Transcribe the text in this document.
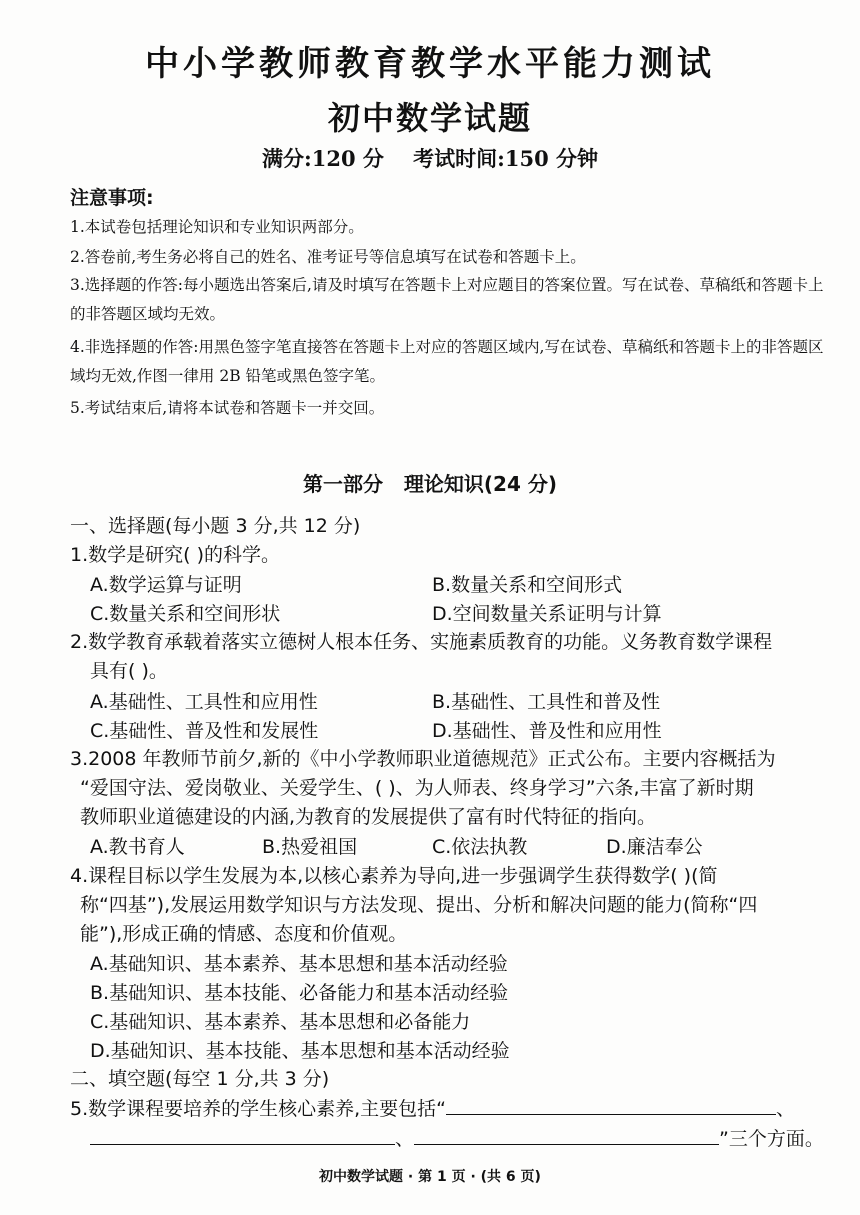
中小学教师教育教学水平能力测试
初中数学试题
满分:120 分    考试时间:150 分钟
注意事项:
1.本试卷包括理论知识和专业知识两部分。
2.答卷前,考生务必将自己的姓名、准考证号等信息填写在试卷和答题卡上。
3.选择题的作答:每小题选出答案后,请及时填写在答题卡上对应题目的答案位置。写在试卷、草稿纸和答题卡上的非答题区域均无效。
4.非选择题的作答:用黑色签字笔直接答在答题卡上对应的答题区域内,写在试卷、草稿纸和答题卡上的非答题区域均无效,作图一律用 2B 铅笔或黑色签字笔。
5.考试结束后,请将本试卷和答题卡一并交回。
第一部分   理论知识(24 分)
一、选择题(每小题 3 分,共 12 分)
1.数学是研究( )的科学。
A.数学运算与证明	B.数量关系和空间形式
C.数量关系和空间形状	D.空间数量关系证明与计算
2.数学教育承载着落实立德树人根本任务、实施素质教育的功能。义务教育数学课程
具有( )。
A.基础性、工具性和应用性	B.基础性、工具性和普及性
C.基础性、普及性和发展性	D.基础性、普及性和应用性
3.2008 年教师节前夕,新的《中小学教师职业道德规范》正式公布。主要内容概括为
“爱国守法、爱岗敬业、关爱学生、( )、为人师表、终身学习”六条,丰富了新时期
教师职业道德建设的内涵,为教育的发展提供了富有时代特征的指向。
A.教书育人	B.热爱祖国	C.依法执教	D.廉洁奉公
4.课程目标以学生发展为本,以核心素养为导向,进一步强调学生获得数学( )(简
称“四基”),发展运用数学知识与方法发现、提出、分析和解决问题的能力(简称“四
能”),形成正确的情感、态度和价值观。
A.基础知识、基本素养、基本思想和基本活动经验
B.基础知识、基本技能、必备能力和基本活动经验
C.基础知识、基本素养、基本思想和必备能力
D.基础知识、基本技能、基本思想和基本活动经验
二、填空题(每空 1 分,共 3 分)
5.数学课程要培养的学生核心素养,主要包括“	、
、	”三个方面。
初中数学试题 · 第 1 页 · (共 6 页)
